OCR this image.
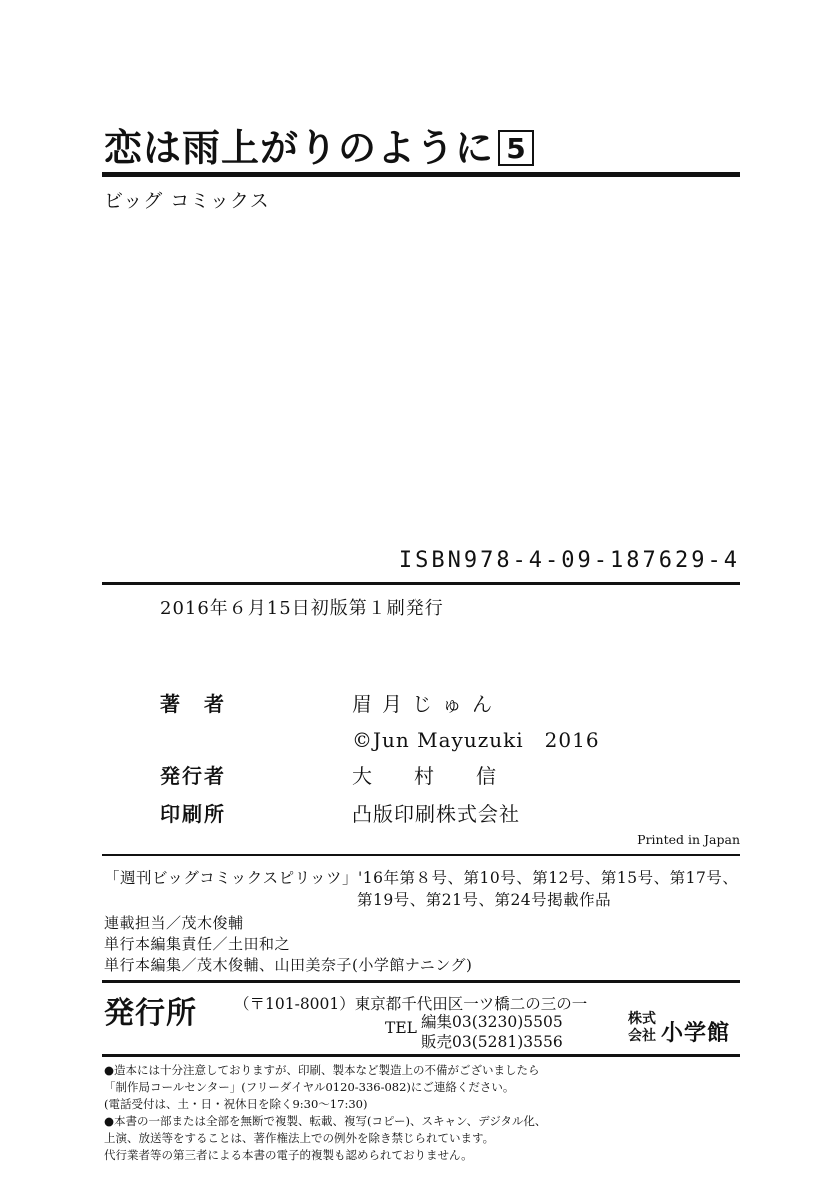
恋は雨上がりのように 5
ビッグ コミックス
ISBN978-4-09-187629-4
2016年６月15日初版第１刷発行
著　者	眉月じゅん
©Jun Mayuzuki　2016
発行者	大村信
印刷所	凸版印刷株式会社
Printed in Japan
「週刊ビッグコミックスピリッツ」'16年第８号、第10号、第12号、第15号、第17号、
第19号、第21号、第24号掲載作品
連載担当／茂木俊輔
単行本編集責任／土田和之
単行本編集／茂木俊輔、山田美奈子(小学館ナニング)
発行所 （〒101-8001）東京都千代田区一ツ橋二の三の一
TEL 編集03(3230)5505
販売03(5281)3556
株式会社 小学館
●造本には十分注意しておりますが、印刷、製本など製造上の不備がございましたら
「制作局コールセンター」(フリーダイヤル0120-336-082)にご連絡ください。
(電話受付は、土・日・祝休日を除く9:30～17:30)
●本書の一部または全部を無断で複製、転載、複写(コピー)、スキャン、デジタル化、
上演、放送等をすることは、著作権法上での例外を除き禁じられています。
代行業者等の第三者による本書の電子的複製も認められておりません。
